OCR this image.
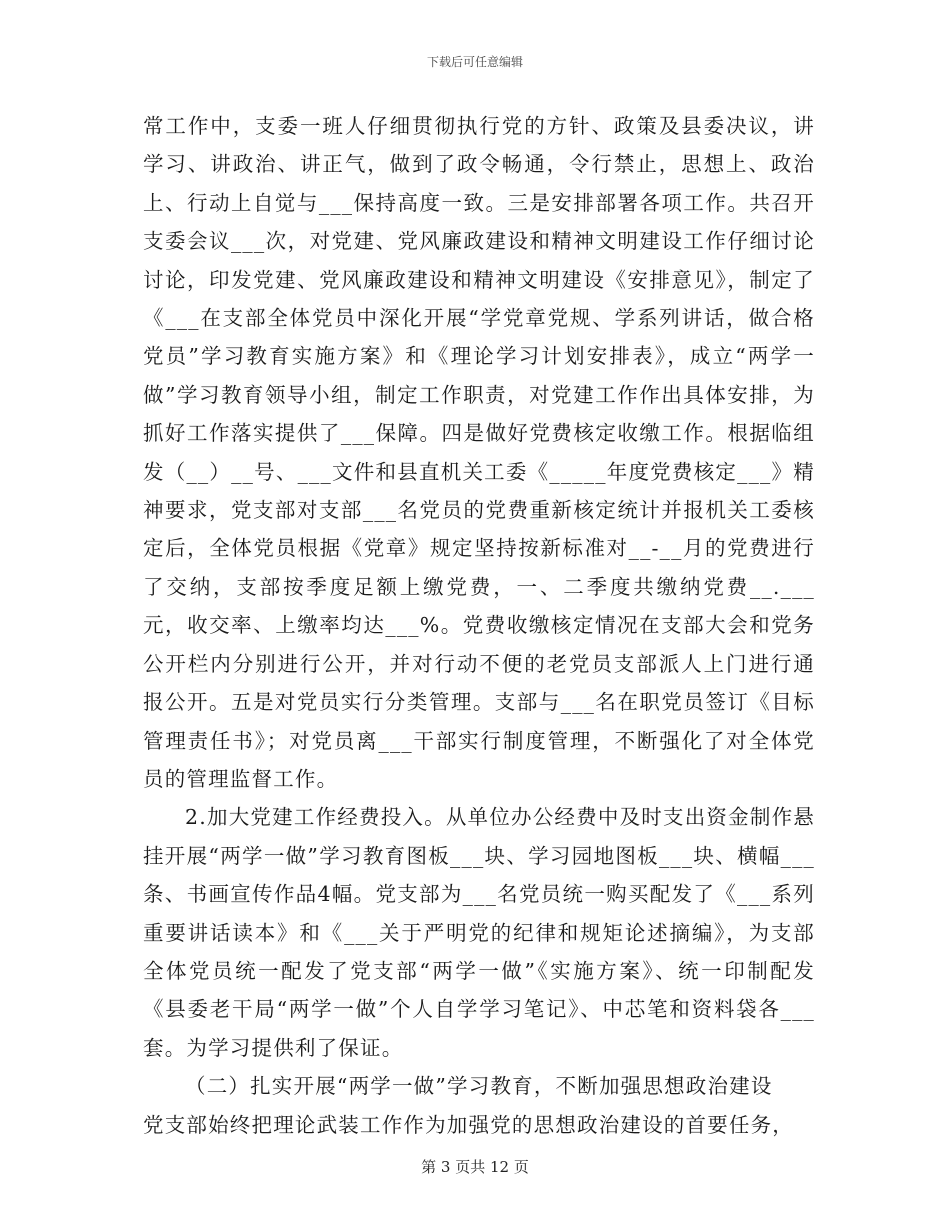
下载后可任意编辑

常工作中，支委一班人仔细贯彻执行党的方针、政策及县委决议，讲学习、讲政治、讲正气，做到了政令畅通，令行禁止，思想上、政治上、行动上自觉与___保持高度一致。三是安排部署各项工作。共召开支委会议___次，对党建、党风廉政建设和精神文明建设工作仔细讨论讨论，印发党建、党风廉政建设和精神文明建设《安排意见》，制定了《___在支部全体党员中深化开展“学党章党规、学系列讲话，做合格党员”学习教育实施方案》和《理论学习计划安排表》，成立“两学一做”学习教育领导小组，制定工作职责，对党建工作作出具体安排，为抓好工作落实提供了___保障。四是做好党费核定收缴工作。根据临组发（__）__号、___文件和县直机关工委《_____年度党费核定___》精神要求，党支部对支部___名党员的党费重新核定统计并报机关工委核定后，全体党员根据《党章》规定坚持按新标准对__-__月的党费进行了交纳，支部按季度足额上缴党费，一、二季度共缴纳党费__.___元，收交率、上缴率均达___%。党费收缴核定情况在支部大会和党务公开栏内分别进行公开，并对行动不便的老党员支部派人上门进行通报公开。五是对党员实行分类管理。支部与___名在职党员签订《目标管理责任书》；对党员离___干部实行制度管理，不断强化了对全体党员的管理监督工作。

2.加大党建工作经费投入。从单位办公经费中及时支出资金制作悬挂开展“两学一做”学习教育图板___块、学习园地图板___块、横幅___条、书画宣传作品4幅。党支部为___名党员统一购买配发了《___系列重要讲话读本》和《___关于严明党的纪律和规矩论述摘编》，为支部全体党员统一配发了党支部“两学一做”《实施方案》、统一印制配发《县委老干局“两学一做”个人自学学习笔记》、中芯笔和资料袋各___套。为学习提供利了保证。

（二）扎实开展“两学一做”学习教育，不断加强思想政治建设

党支部始终把理论武装工作作为加强党的思想政治建设的首要任务，

第 3 页共 12 页
